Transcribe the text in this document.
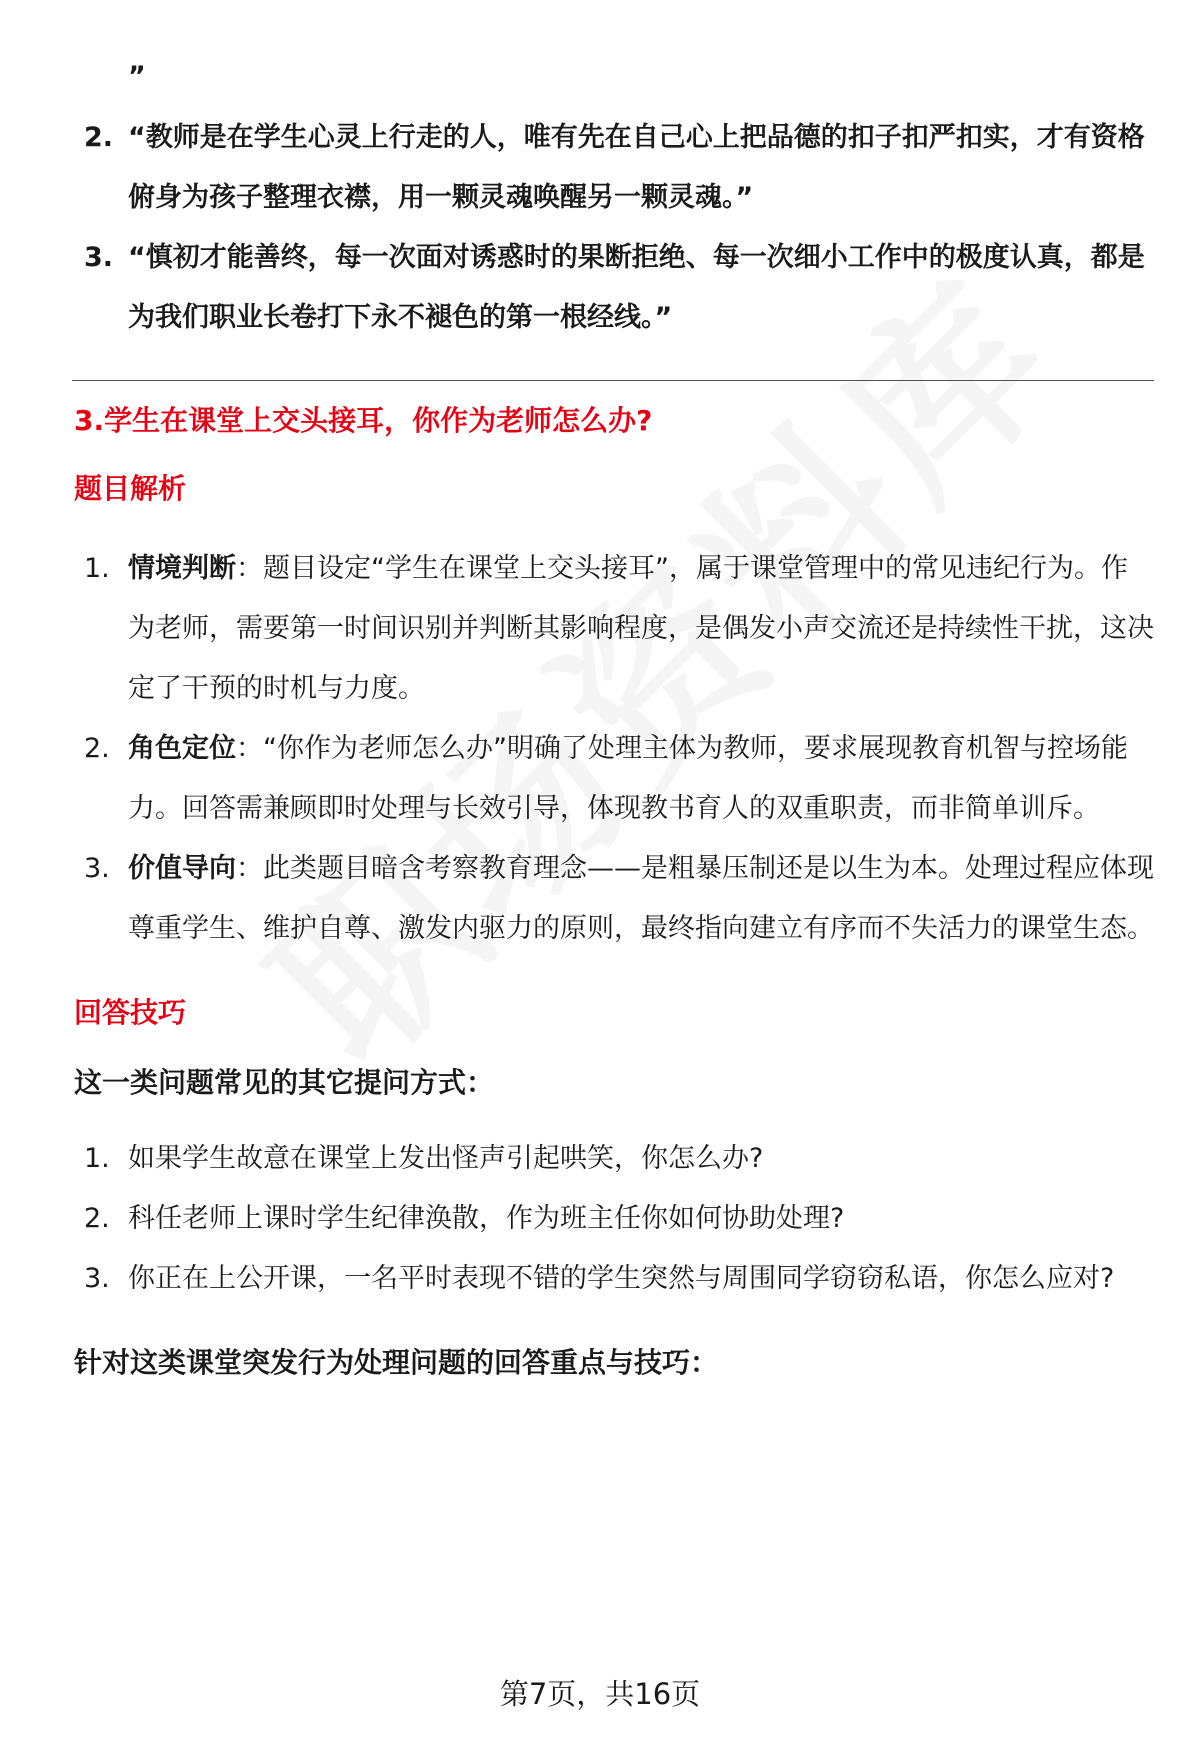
”
2. “教师是在学生心灵上行走的人，唯有先在自己心上把品德的扣子扣严扣实，才有资格俯身为孩子整理衣襟，用一颗灵魂唤醒另一颗灵魂。”
3. “慎初才能善终，每一次面对诱惑时的果断拒绝、每一次细小工作中的极度认真，都是为我们职业长卷打下永不褪色的第一根经线。”
3.学生在课堂上交头接耳，你作为老师怎么办?
题目解析
1. 情境判断：题目设定“学生在课堂上交头接耳”，属于课堂管理中的常见违纪行为。作为老师，需要第一时间识别并判断其影响程度，是偶发小声交流还是持续性干扰，这决定了干预的时机与力度。
2. 角色定位：“你作为老师怎么办”明确了处理主体为教师，要求展现教育机智与控场能力。回答需兼顾即时处理与长效引导，体现教书育人的双重职责，而非简单训斥。
3. 价值导向：此类题目暗含考察教育理念——是粗暴压制还是以生为本。处理过程应体现尊重学生、维护自尊、激发内驱力的原则，最终指向建立有序而不失活力的课堂生态。
回答技巧
这一类问题常见的其它提问方式：
1. 如果学生故意在课堂上发出怪声引起哄笑，你怎么办?
2. 科任老师上课时学生纪律涣散，作为班主任你如何协助处理?
3. 你正在上公开课，一名平时表现不错的学生突然与周围同学窃窃私语，你怎么应对?
针对这类课堂突发行为处理问题的回答重点与技巧：
第7页，共16页
